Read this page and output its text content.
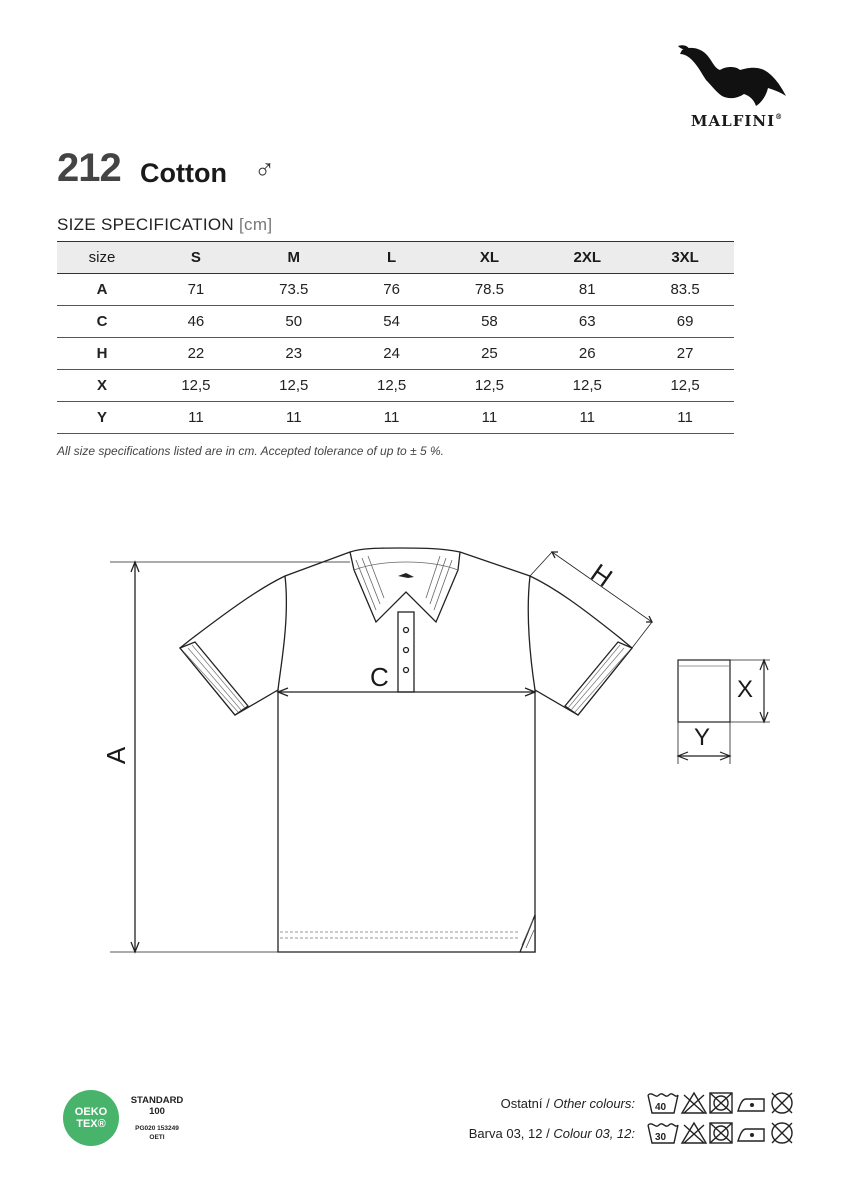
MALFINI®
212 Cotton ♂
SIZE SPECIFICATION [cm]
size	S	M	L	XL	2XL	3XL
A	71	73.5	76	78.5	81	83.5
C	46	50	54	58	63	69
H	22	23	24	25	26	27
X	12,5	12,5	12,5	12,5	12,5	12,5
Y	11	11	11	11	11	11
All size specifications listed are in cm. Accepted tolerance of up to ± 5 %.
A
C
H
X
Y
OEKO
TEX®
STANDARD
100
PG020 153249
OETI
Ostatní / Other colours:
Barva 03, 12 / Colour 03, 12:
40
30
